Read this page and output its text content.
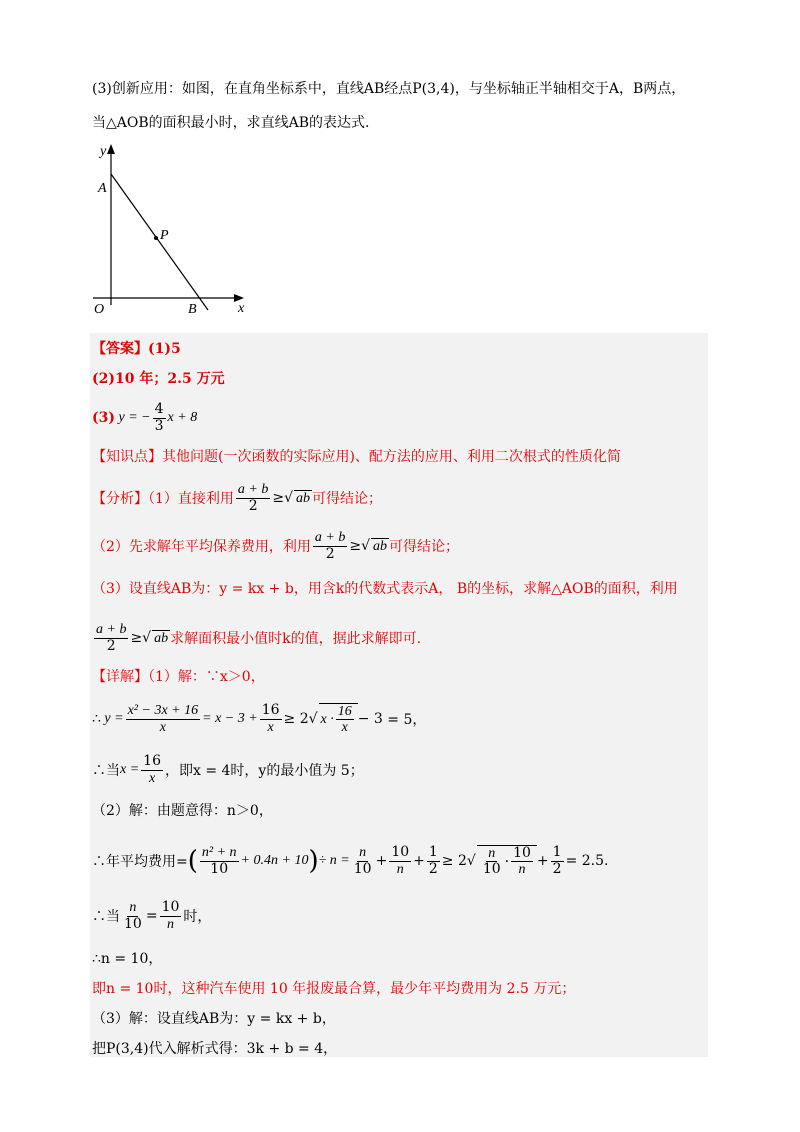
(3)创新应用：如图，在直角坐标系中，直线AB经点P(3,4)，与坐标轴正半轴相交于A，B两点，
当△AOB的面积最小时，求直线AB的表达式.
y
x
A
P
O	B
【答案】(1)5
(2)10 年；2.5 万元
(3) y = − $\frac{4}{3}$ x + 8
【知识点】其他问题(一次函数的实际应用)、配方法的应用、利用二次根式的性质化简
【分析】（1）直接利用 $\frac{a + b}{2}$ ≥√ ab 可得结论；
（2）先求解年平均保养费用，利用 $\frac{a + b}{2}$ ≥√ ab 可得结论；
（3）设直线AB为：y = kx + b，用含k的代数式表示A， B的坐标，求解△AOB的面积，利用
$\frac{a + b}{2}$ ≥√ ab 求解面积最小值时k的值，据此求解即可.
【详解】（1）解：∵x＞0，
∴ $y = \frac{\text{x² − 3x + 16}}{x} = x - 3 + \frac{16}{x} \ge 2√$ $x \cdot \frac{16}{x} - 3 = 5$，
∴当 $x = \frac{16}{x}$ ，即x = 4时，y的最小值为 5；
（2）解：由题意得：n＞0，
∴年平均费用= ( $\frac{\text{n² + n}}{10} + 0.4n + 10$ ) ÷ $n = \frac{n}{10} + \frac{10}{n} + \frac{1}{2} \ge 2√ \frac{n}{10} \cdot \frac{10}{n} + \frac{1}{2} = 2.5$.
∴当 $\frac{n}{10} = \frac{10}{n}$ 时，
∴n = 10，
即n = 10时，这种汽车使用 10 年报废最合算，最少年平均费用为 2.5 万元；
（3）解：设直线AB为：y = kx + b，
把P(3,4)代入解析式得：3k + b = 4，
